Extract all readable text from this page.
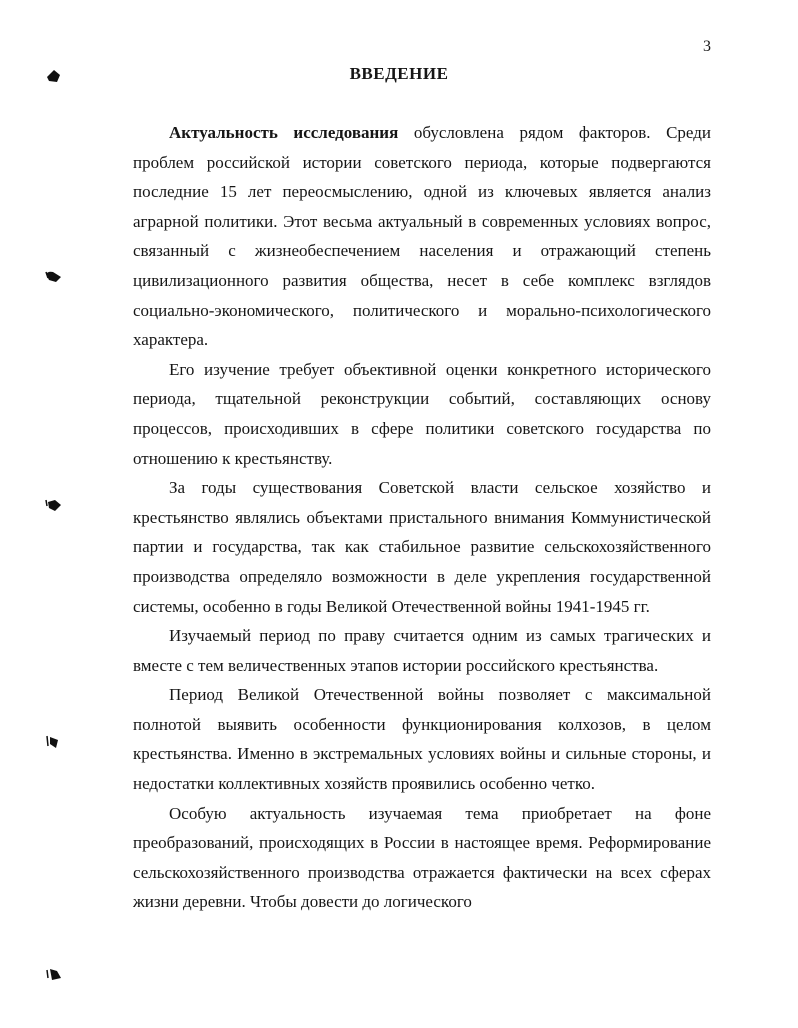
3
ВВЕДЕНИЕ

Актуальность исследования обусловлена рядом факторов. Среди проблем российской истории советского периода, которые подвергаются последние 15 лет переосмыслению, одной из ключевых является анализ аграрной политики. Этот весьма актуальный в современных условиях вопрос, связанный с жизнеобеспечением населения и отражающий степень цивилизационного развития общества, несет в себе комплекс взглядов социально-экономического, политического и морально-психологического характера.

Его изучение требует объективной оценки конкретного исторического периода, тщательной реконструкции событий, составляющих основу процессов, происходивших в сфере политики советского государства по отношению к крестьянству.

За годы существования Советской власти сельское хозяйство и крестьянство являлись объектами пристального внимания Коммунистической партии и государства, так как стабильное развитие сельскохозяйственного производства определяло возможности в деле укрепления государственной системы, особенно в годы Великой Отечественной войны 1941-1945 гг.

Изучаемый период по праву считается одним из самых трагических и вместе с тем величественных этапов истории российского крестьянства.

Период Великой Отечественной войны позволяет с максимальной полнотой выявить особенности функционирования колхозов, в целом крестьянства. Именно в экстремальных условиях войны и сильные стороны, и недостатки коллективных хозяйств проявились особенно четко.

Особую актуальность изучаемая тема приобретает на фоне преобразований, происходящих в России в настоящее время. Реформирование сельскохозяйственного производства отражается фактически на всех сферах жизни деревни. Чтобы довести до логического
